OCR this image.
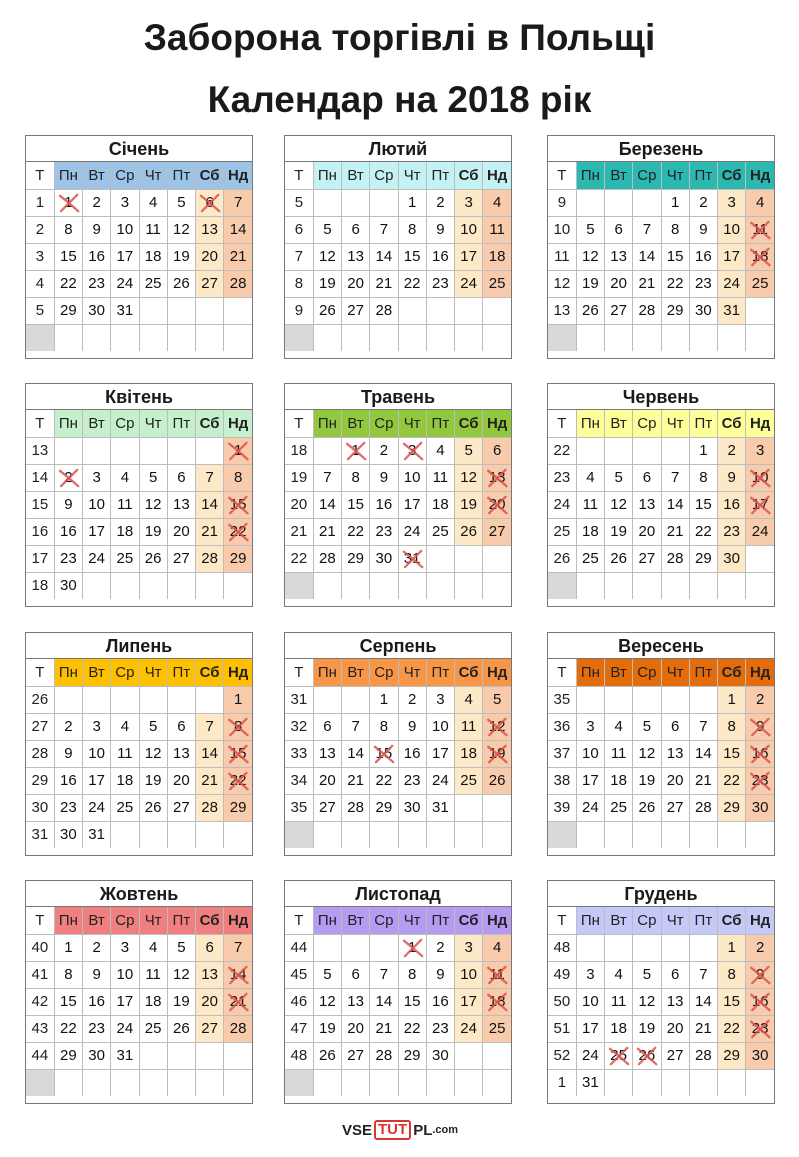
Заборона торгівлі в Польщі
Календар на 2018 рік
Січень
Т	Пн	Вт	Ср	Чт	Пт	Сб	Нд
1	1	2	3	4	5	6	7
2	8	9	10	11	12	13	14
3	15	16	17	18	19	20	21
4	22	23	24	25	26	27	28
5	29	30	31				

Лютий
Т	Пн	Вт	Ср	Чт	Пт	Сб	Нд
5				1	2	3	4
6	5	6	7	8	9	10	11
7	12	13	14	15	16	17	18
8	19	20	21	22	23	24	25
9	26	27	28				

Березень
Т	Пн	Вт	Ср	Чт	Пт	Сб	Нд
9				1	2	3	4
10	5	6	7	8	9	10	11

11	12	13	14	15	16	17	18

12	19	20	21	22	23	24	25
13	26	27	28	29	30	31	

Квітень
Т	Пн	Вт	Ср	Чт	Пт	Сб	Нд
13							1

14	2	3	4	5	6	7	8
15	9	10	11	12	13	14	15

16	16	17	18	19	20	21	22

17	23	24	25	26	27	28	29
18	30						
Травень
Т	Пн	Вт	Ср	Чт	Пт	Сб	Нд
18		1	2	3	4	5	6
19	7	8	9	10	11	12	13

20	14	15	16	17	18	19	20

21	21	22	23	24	25	26	27
22	28	29	30	31

Червень
Т	Пн	Вт	Ср	Чт	Пт	Сб	Нд
22					1	2	3
23	4	5	6	7	8	9	10

24	11	12	13	14	15	16	17

25	18	19	20	21	22	23	24
26	25	26	27	28	29	30	

Липень
Т	Пн	Вт	Ср	Чт	Пт	Сб	Нд
26							1
27	2	3	4	5	6	7	8

28	9	10	11	12	13	14	15

29	16	17	18	19	20	21	22

30	23	24	25	26	27	28	29
31	30	31					
Серпень
Т	Пн	Вт	Ср	Чт	Пт	Сб	Нд
31			1	2	3	4	5
32	6	7	8	9	10	11	12

33	13	14	15	16	17	18	19

34	20	21	22	23	24	25	26
35	27	28	29	30	31		

Вересень
Т	Пн	Вт	Ср	Чт	Пт	Сб	Нд
35						1	2
36	3	4	5	6	7	8	9

37	10	11	12	13	14	15	16

38	17	18	19	20	21	22	23

39	24	25	26	27	28	29	30

Жовтень
Т	Пн	Вт	Ср	Чт	Пт	Сб	Нд
40	1	2	3	4	5	6	7
41	8	9	10	11	12	13	14

42	15	16	17	18	19	20	21

43	22	23	24	25	26	27	28
44	29	30	31				

Листопад
Т	Пн	Вт	Ср	Чт	Пт	Сб	Нд
44				1	2	3	4
45	5	6	7	8	9	10	11

46	12	13	14	15	16	17	18

47	19	20	21	22	23	24	25
48	26	27	28	29	30		

Грудень
Т	Пн	Вт	Ср	Чт	Пт	Сб	Нд
48						1	2
49	3	4	5	6	7	8	9

50	10	11	12	13	14	15	16

51	17	18	19	20	21	22	23

52	24	25	26	27	28	29	30
1	31						
VSE TUT PL .com
